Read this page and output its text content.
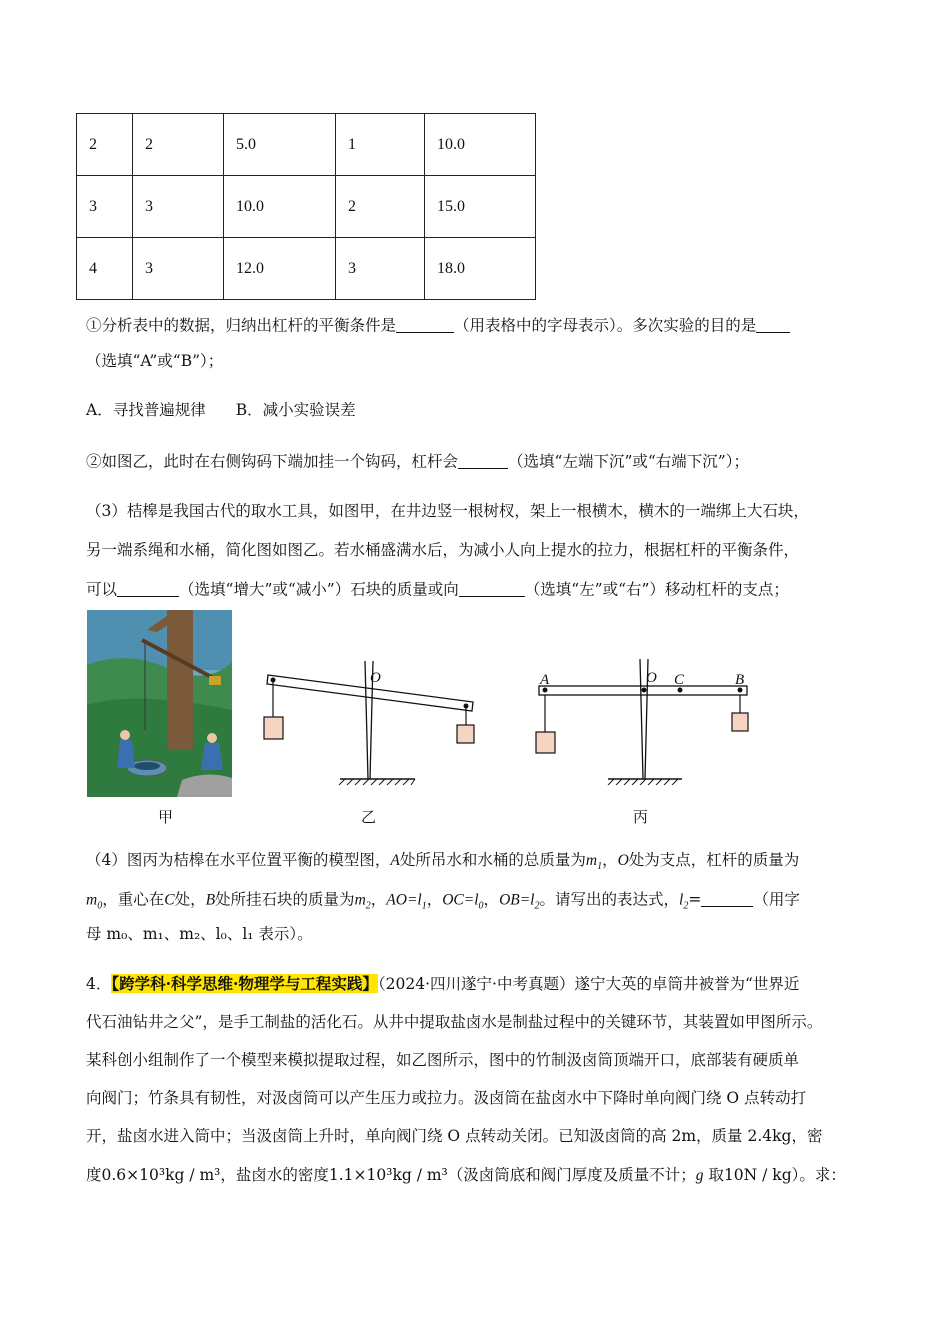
2	2	5.0	1	10.0
3	3	10.0	2	15.0
4	3	12.0	3	18.0
①分析表中的数据，归纳出杠杆的平衡条件是	（用表格中的字母表示）。多次实验的目的是
（选填“A”或“B”）；
A．寻找普遍规律 B．减小实验误差
②如图乙，此时在右侧钩码下端加挂一个钩码，杠杆会	（选填“左端下沉”或“右端下沉”）；
（3）桔槔是我国古代的取水工具，如图甲，在井边竖一根树杈，架上一根横木，横木的一端绑上大石块，
另一端系绳和水桶，简化图如图乙。若水桶盛满水后，为减小人向上提水的拉力，根据杠杆的平衡条件，
可以	（选填“增大”或“减小”）石块的质量或向	（选填“左”或“右”）移动杠杆的支点；
甲
O
乙
A	O C	B
丙
（4）图丙为桔槔在水平位置平衡的模型图，A处所吊水和水桶的总质量为$m_1$，O处为支点，杠杆的质量为
$m_0$，重心在C处，B处所挂石块的质量为$m_2$，$AO=l_1$，$OC=l_0$，$OB=l_2$。请写出的表达式，$l_2=$	（用字
母 m₀、m₁、m₂、l₀、l₁ 表示）。
4．【跨学科·科学思维·物理学与工程实践】（2024·四川遂宁·中考真题）遂宁大英的卓筒井被誉为“世界近
代石油钻井之父”，是手工制盐的活化石。从井中提取盐卤水是制盐过程中的关键环节，其装置如甲图所示。
某科创小组制作了一个模型来模拟提取过程，如乙图所示，图中的竹制汲卤筒顶端开口，底部装有硬质单
向阀门；竹条具有韧性，对汲卤筒可以产生压力或拉力。汲卤筒在盐卤水中下降时单向阀门绕 O 点转动打
开，盐卤水进入筒中；当汲卤筒上升时，单向阀门绕 O 点转动关闭。已知汲卤筒的高 2m，质量 2.4kg，密
度0.6×10³kg / m³，盐卤水的密度1.1×10³kg / m³（汲卤筒底和阀门厚度及质量不计；g 取10N / kg）。求：
